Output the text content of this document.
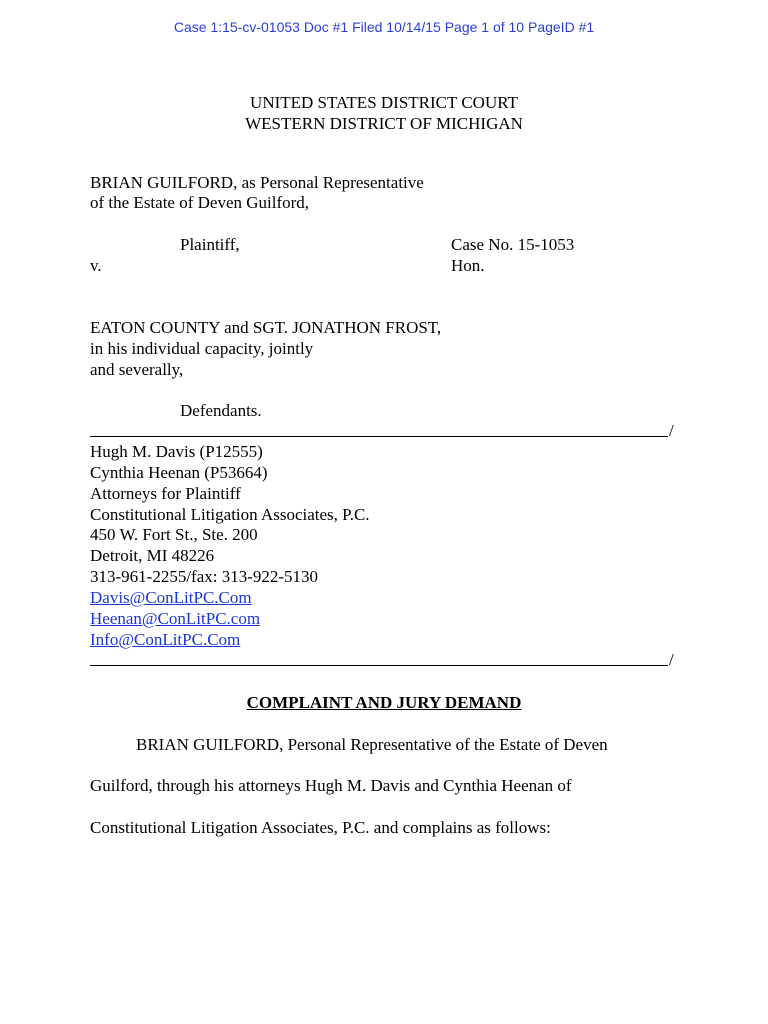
Case 1:15-cv-01053 Doc #1 Filed 10/14/15 Page 1 of 10 PageID #1
UNITED STATES DISTRICT COURT
WESTERN DISTRICT OF MICHIGAN
BRIAN GUILFORD, as Personal Representative
of the Estate of Deven Guilford,
Plaintiff,	Case No. 15-1053
v.	Hon.
EATON COUNTY and SGT. JONATHON FROST,
in his individual capacity, jointly
and severally,
Defendants.
/
Hugh M. Davis (P12555)
Cynthia Heenan (P53664)
Attorneys for Plaintiff
Constitutional Litigation Associates, P.C.
450 W. Fort St., Ste. 200
Detroit, MI 48226
313-961-2255/fax: 313-922-5130
Davis@ConLitPC.Com
Heenan@ConLitPC.com
Info@ConLitPC.Com
/
COMPLAINT AND JURY DEMAND
BRIAN GUILFORD, Personal Representative of the Estate of Deven
Guilford, through his attorneys Hugh M. Davis and Cynthia Heenan of
Constitutional Litigation Associates, P.C. and complains as follows:
